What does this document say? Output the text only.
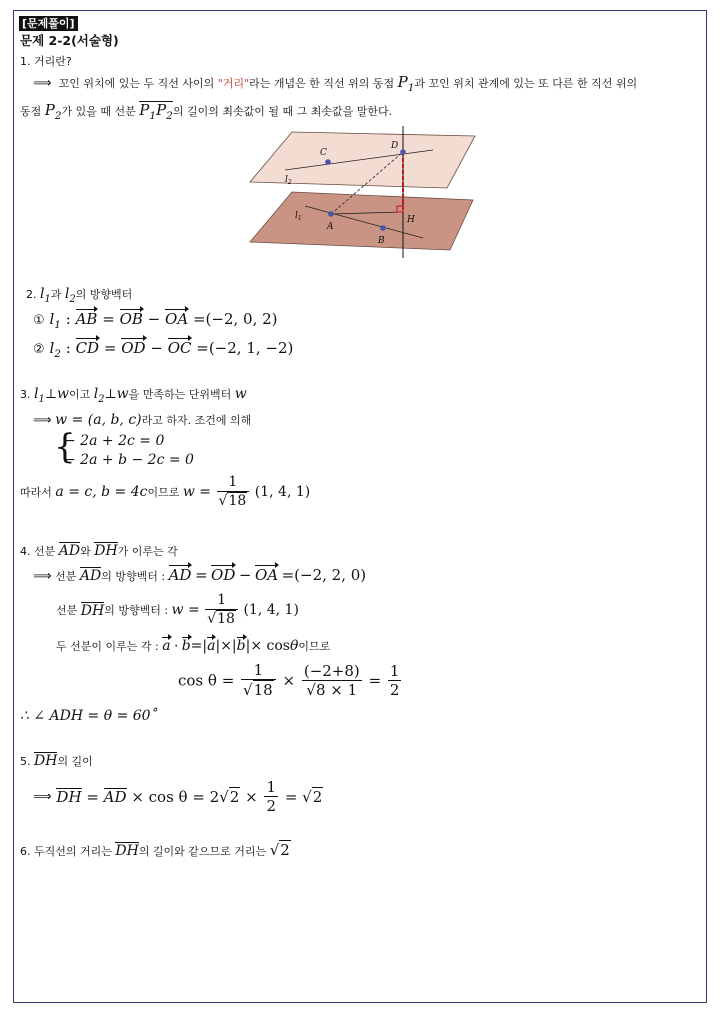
[문제풀이]
문제 2-2(서술형)
1. 거리란?
⟹ 꼬인 위치에 있는 두 직선 사이의 "거리"라는 개념은 한 직선 위의 동점 $P_1$과 꼬인 위치 관계에 있는 또 다른 한 직선 위의
동점 $P_2$가 있을 때 선분 $P_1P_2$의 길이의 최솟값이 될 때 그 최솟값을 말한다.
C
D
A
B
H
$l_2$
$l_1$
2. $l_1$과 $l_2$의 방향벡터
① $l_1$ : AB = OB − OA =(−2, 0, 2)
② $l_2$ : CD = OD − OC =(−2, 1, −2)
3. $l_1\perp w$이고 $l_2\perp w$을 만족하는 단위벡터 w
⟹ w = (a, b, c)라고 하자. 조건에 의해
{
− 2a + 2c = 0
− 2a + b − 2c = 0
따라서 a = c, b = 4c이므로 $w = \frac{1}{√18} (1$, 4, 1)
4. 선분 AD와 DH가 이루는 각
⟹ 선분 AD의 방향벡터 : AD = OD − OA =(−2, 2, 0)
선분 DH의 방향벡터 : $w = \frac{1}{√18} (1$, 4, 1)
두 선분이 이루는 각 : a · b=|a|×|b|× cosθ이므로
$\cos \theta = \frac{1}{√18} \times \frac{(-2+8)}{√8 \times 1} = \frac{1}{2}$
∴ ∠ ADH = θ = 60˚
5. DH의 길이
⟹ DH = AD × $\cos \theta = 2√2 \times \frac{1}{2} = √2$
6. 두직선의 거리는 DH의 길이와 같으므로 거리는 √2
